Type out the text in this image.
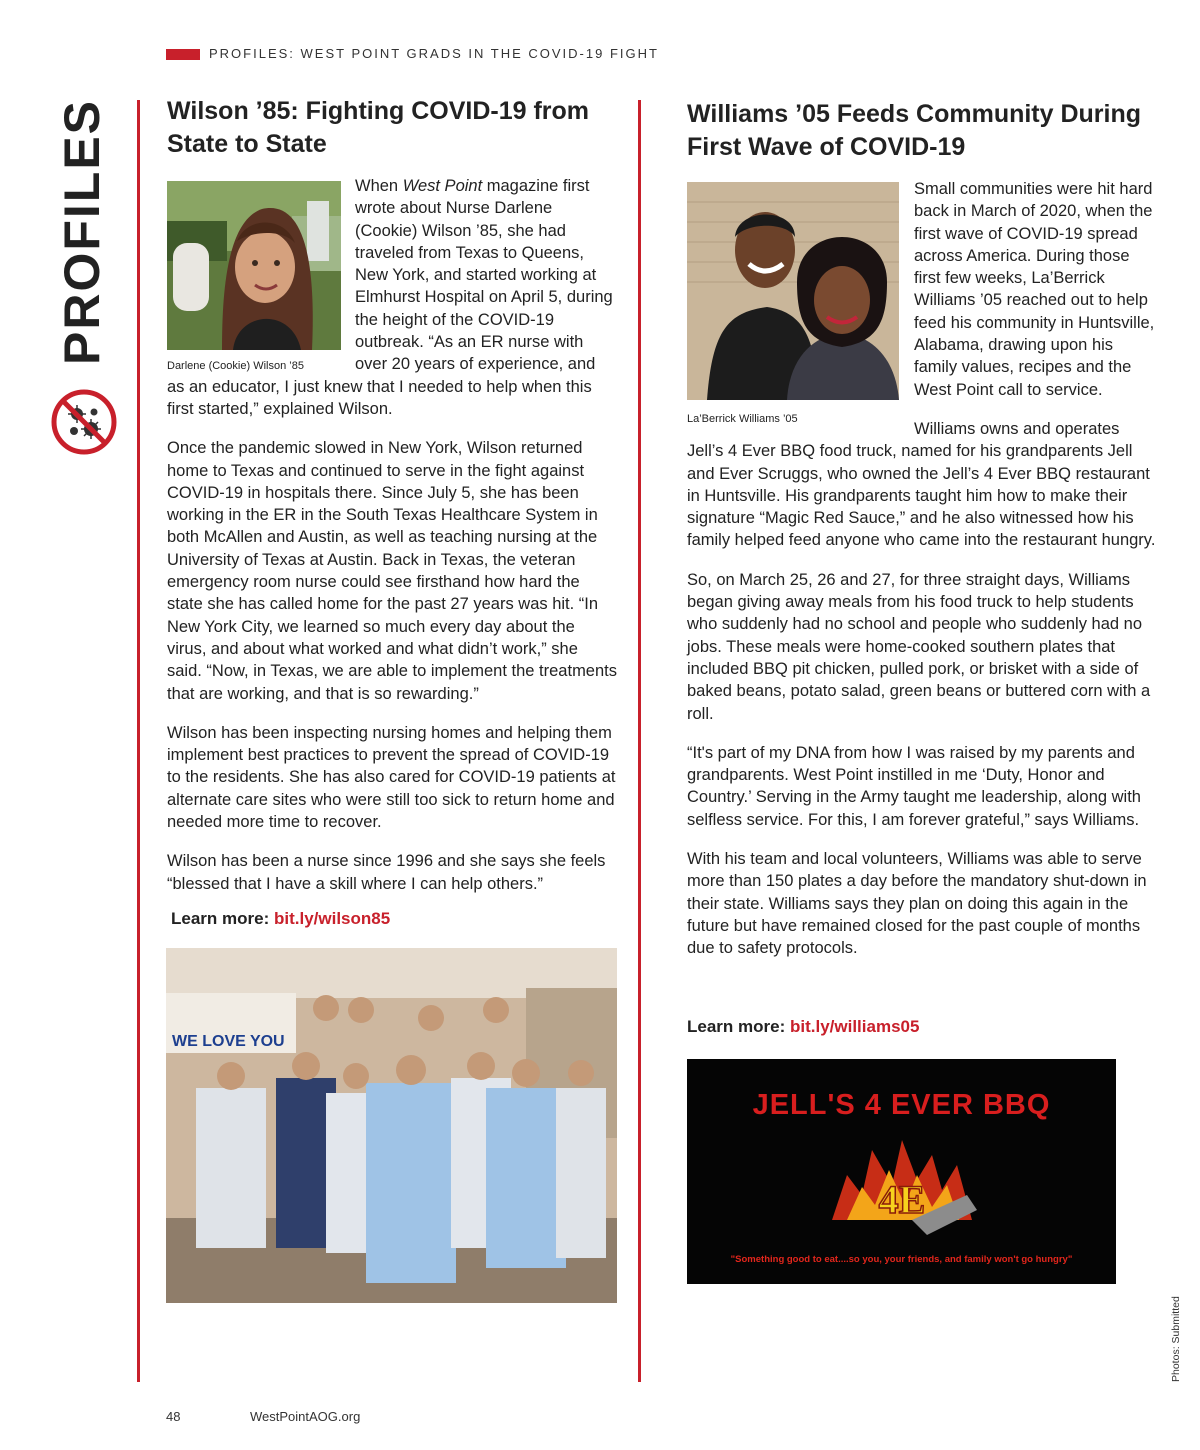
PROFILES: WEST POINT GRADS IN THE COVID-19 FIGHT
PROFILES Wilson ’85: Fighting COVID-19 from State to State
Darlene (Cookie) Wilson ’85

When West Point magazine first wrote about Nurse Darlene (Cookie) Wilson ’85, she had traveled from Texas to Queens, New York, and started working at Elmhurst Hospital on April 5, during the height of the COVID-19 outbreak. “As an ER nurse with over 20 years of experience, and as an educator, I just knew that I needed to help when this first started,” explained Wilson.

Once the pandemic slowed in New York, Wilson returned home to Texas and continued to serve in the fight against COVID-19 in hospitals there. Since July 5, she has been working in the ER in the South Texas Healthcare System in both McAllen and Austin, as well as teaching nursing at the University of Texas at Austin. Back in Texas, the veteran emergency room nurse could see firsthand how hard the state she has called home for the past 27 years was hit. “In New York City, we learned so much every day about the virus, and about what worked and what didn’t work,” she said. “Now, in Texas, we are able to implement the treatments that are working, and that is so rewarding.”

Wilson has been inspecting nursing homes and helping them implement best practices to prevent the spread of COVID-19 to the residents. She has also cared for COVID-19 patients at alternate care sites who were still too sick to return home and needed more time to recover.

Wilson has been a nurse since 1996 and she says she feels “blessed that I have a skill where I can help others.”

Learn more: bit.ly/wilson85
WE LOVE YOU
Williams ’05 Feeds Community During First Wave of COVID-19
La’Berrick Williams ’05

Small communities were hit hard back in March of 2020, when the first wave of COVID-19 spread across America. During those first few weeks, La’Berrick Williams ’05 reached out to help feed his community in Huntsville, Alabama, drawing upon his family values, recipes and the West Point call to service.

Williams owns and operates Jell’s 4 Ever BBQ food truck, named for his grandparents Jell and Ever Scruggs, who owned the Jell’s 4 Ever BBQ restaurant in Huntsville. His grandparents taught him how to make their signature “Magic Red Sauce,” and he also witnessed how his family helped feed anyone who came into the restaurant hungry.

So, on March 25, 26 and 27, for three straight days, Williams began giving away meals from his food truck to help students who suddenly had no school and people who suddenly had no jobs. These meals were home-cooked southern plates that included BBQ pit chicken, pulled pork, or brisket with a side of baked beans, potato salad, green beans or buttered corn with a roll.

“It's part of my DNA from how I was raised by my parents and grandparents. West Point instilled in me ‘Duty, Honor and Country.’ Serving in the Army taught me leadership, along with selfless service. For this, I am forever grateful,” says Williams.

With his team and local volunteers, Williams was able to serve more than 150 plates a day before the mandatory shut-down in their state. Williams says they plan on doing this again in the future but have remained closed for the past couple of months due to safety protocols.

Learn more: bit.ly/williams05
JELL'S 4 EVER BBQ
4E
"Something good to eat....so you, your friends, and family won't go hungry"
48	WestPointAOG.org
Photos: Submitted
